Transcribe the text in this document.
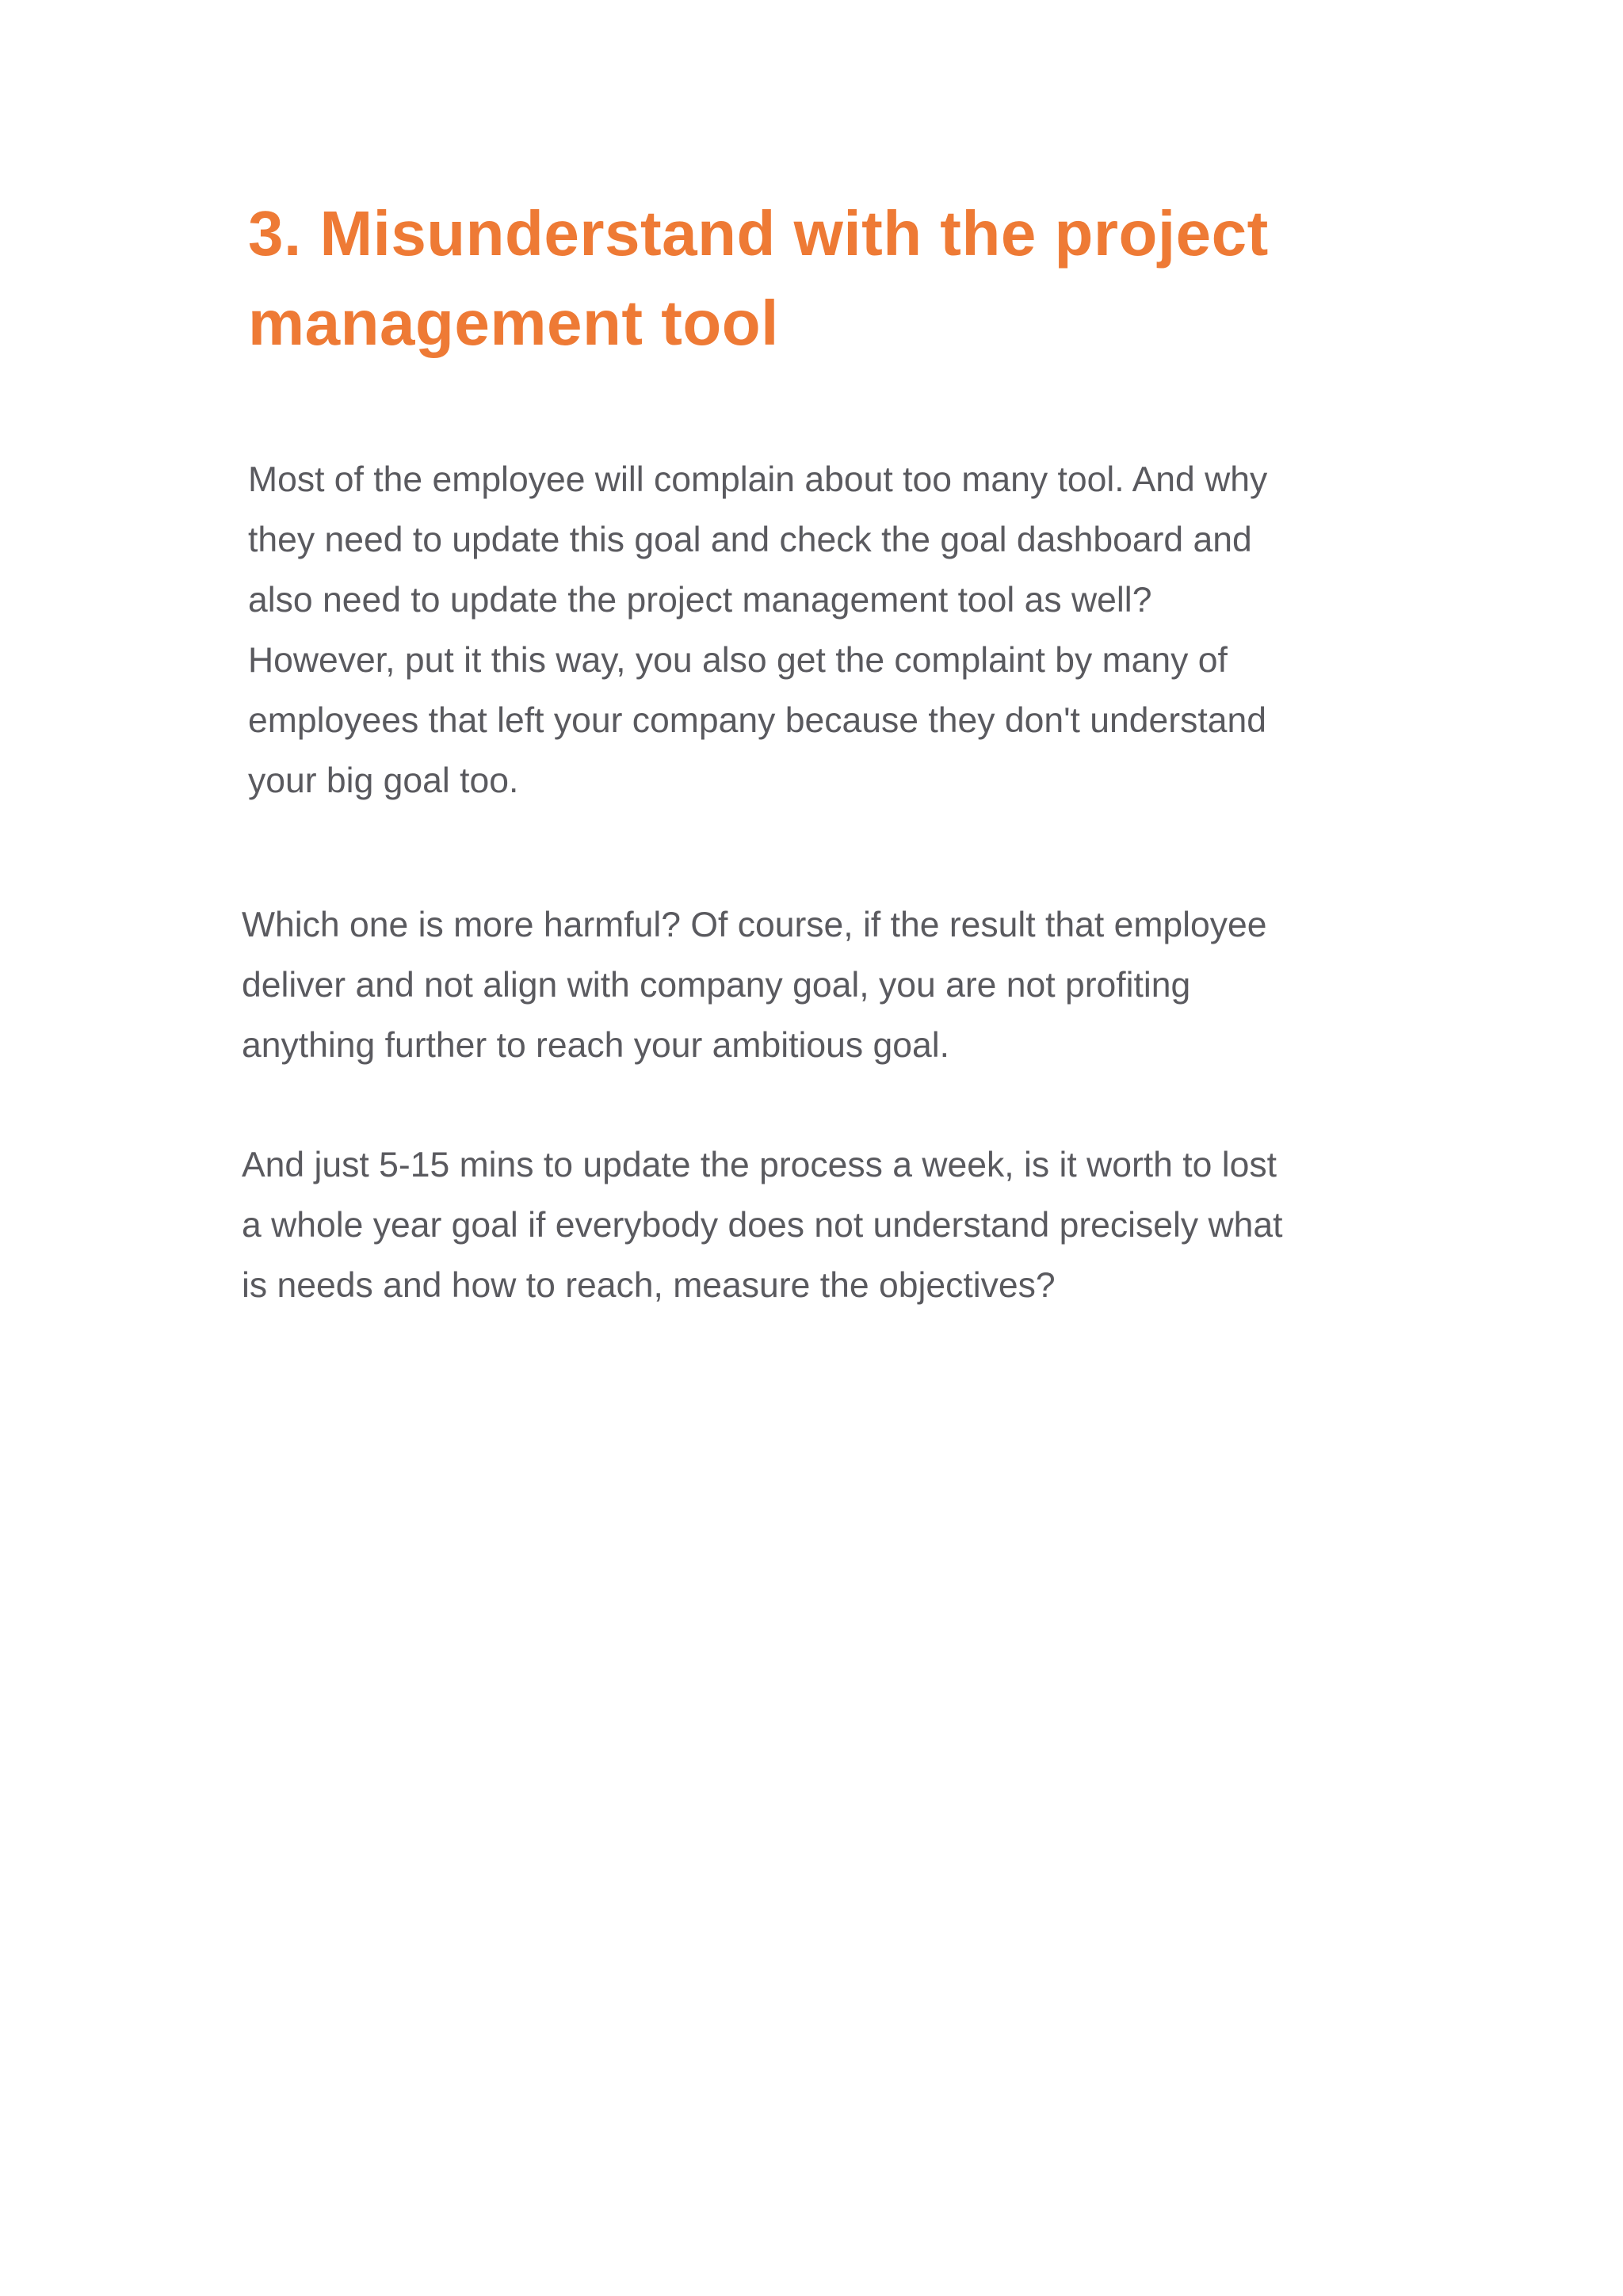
3. Misunderstand with the project
management tool

Most of the employee will complain about too many tool. And why
they need to update this goal and check the goal dashboard and
also need to update the project management tool as well?
However, put it this way, you also get the complaint by many of
employees that left your company because they don't understand
your big goal too.

Which one is more harmful? Of course, if the result that employee
deliver and not align with company goal, you are not profiting
anything further to reach your ambitious goal.

And just 5-15 mins to update the process a week, is it worth to lost
a whole year goal if everybody does not understand precisely what
is needs and how to reach, measure the objectives?
